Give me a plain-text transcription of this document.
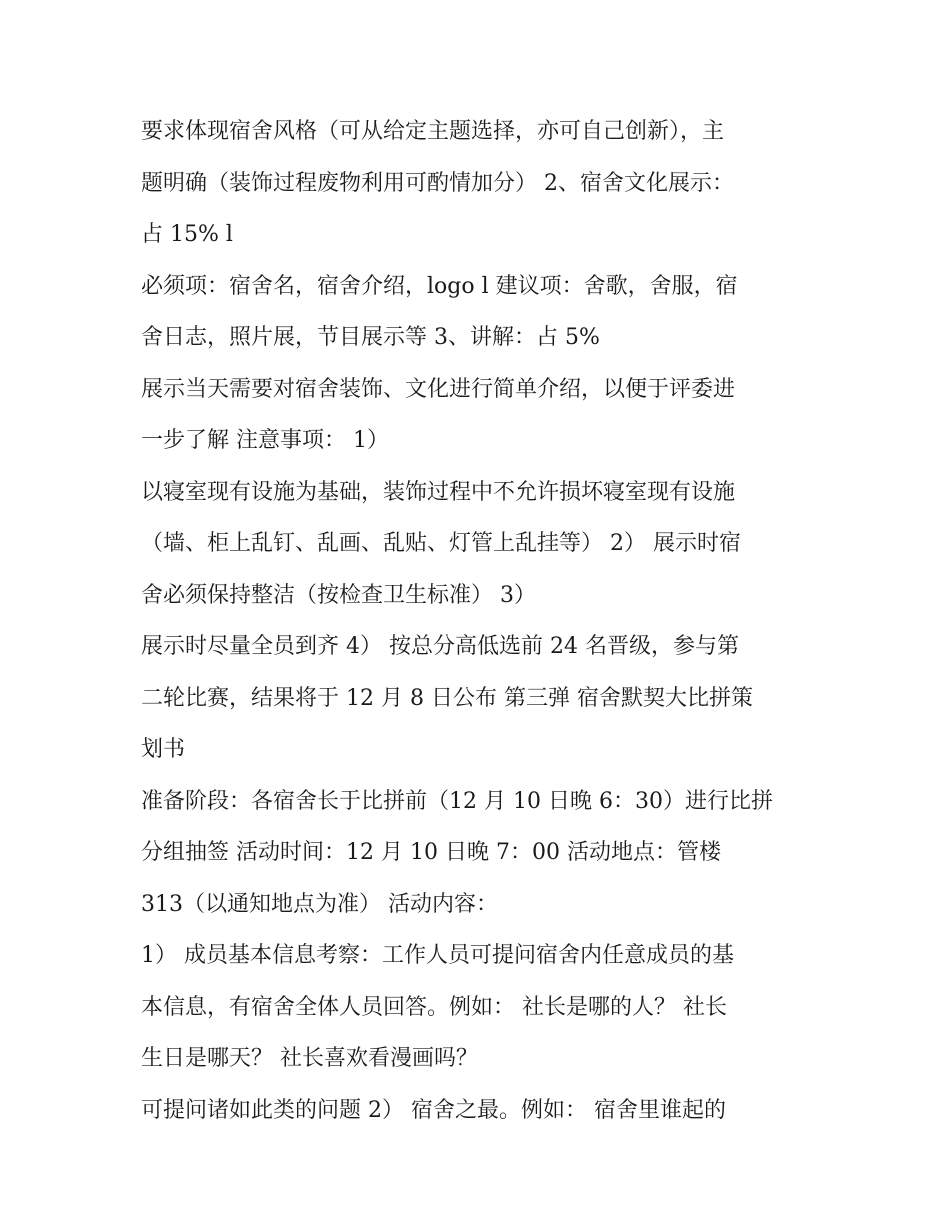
要求体现宿舍风格（可从给定主题选择，亦可自己创新），主
题明确（装饰过程废物利用可酌情加分） 2、宿舍文化展示：
占 15% l
必须项：宿舍名，宿舍介绍，logo l 建议项：舍歌，舍服，宿
舍日志，照片展，节目展示等 3、讲解：占 5%
展示当天需要对宿舍装饰、文化进行简单介绍，以便于评委进
一步了解 注意事项： 1）
以寝室现有设施为基础，装饰过程中不允许损坏寝室现有设施
（墙、柜上乱钉、乱画、乱贴、灯管上乱挂等） 2） 展示时宿
舍必须保持整洁（按检查卫生标准） 3）
展示时尽量全员到齐 4） 按总分高低选前 24 名晋级，参与第
二轮比赛，结果将于 12 月 8 日公布 第三弹 宿舍默契大比拼策
划书
准备阶段：各宿舍长于比拼前（12 月 10 日晚 6：30）进行比拼
分组抽签 活动时间：12 月 10 日晚 7：00 活动地点：管楼
313（以通知地点为准） 活动内容：
1） 成员基本信息考察：工作人员可提问宿舍内任意成员的基
本信息，有宿舍全体人员回答。例如： 社长是哪的人？ 社长
生日是哪天？ 社长喜欢看漫画吗？
可提问诸如此类的问题 2） 宿舍之最。例如： 宿舍里谁起的
